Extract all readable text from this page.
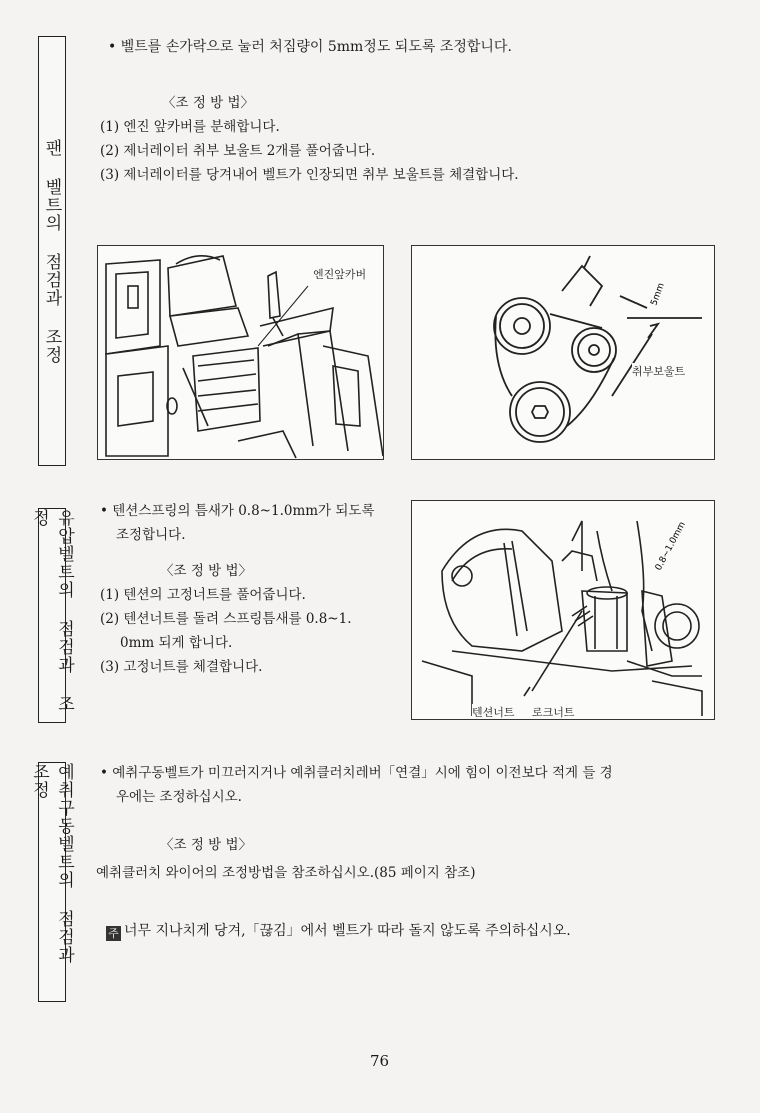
팬 벨트의 점검과 조정
유압벨트의 점검과 조정
예취구동벨트의 점검과 조정
• 벨트를 손가락으로 눌러 처짐량이 5mm정도 되도록 조정합니다.
〈조 정 방 법〉
(1) 엔진 앞카버를 분해합니다.
(2) 제너레이터 취부 보울트 2개를 풀어줍니다.
(3) 제너레이터를 당겨내어 벨트가 인장되면 취부 보울트를 체결합니다.
엔진앞카버
5mm
취부보울트
• 텐션스프링의 틈새가 0.8~1.0mm가 되도록
조정합니다.
〈조 정 방 법〉
(1) 텐션의 고정너트를 풀어줍니다.
(2) 텐션너트를 돌려 스프링틈새를 0.8~1.
0mm 되게 합니다.
(3) 고정너트를 체결합니다.
0.8~1.0mm
텐션너트 로크너트
• 예취구동벨트가 미끄러지거나 예취클러치레버「연결」시에 힘이 이전보다 적게 들 경
우에는 조정하십시오.
〈조 정 방 법〉
예취클러치 와이어의 조정방법을 참조하십시오.(85 페이지 참조)
주 너무 지나치게 당겨,「끊김」에서 벨트가 따라 돌지 않도록 주의하십시오.
76
